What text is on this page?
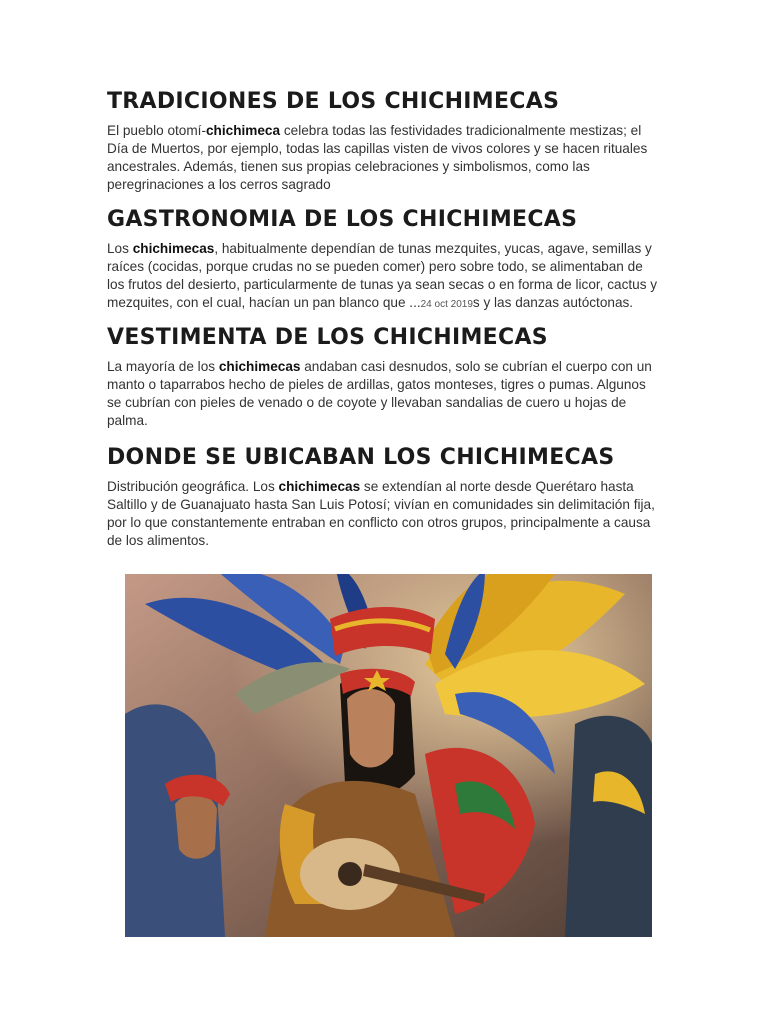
TRADICIONES DE LOS CHICHIMECAS

El pueblo otomí-chichimeca celebra todas las festividades tradicionalmente mestizas; el Día de Muertos, por ejemplo, todas las capillas visten de vivos colores y se hacen rituales ancestrales. Además, tienen sus propias celebraciones y simbolismos, como las peregrinaciones a los cerros sagrado

GASTRONOMIA DE LOS CHICHIMECAS

Los chichimecas, habitualmente dependían de tunas mezquites, yucas, agave, semillas y raíces (cocidas, porque crudas no se pueden comer) pero sobre todo, se alimentaban de los frutos del desierto, particularmente de tunas ya sean secas o en forma de licor, cactus y mezquites, con el cual, hacían un pan blanco que ...24 oct 2019s y las danzas autóctonas.

VESTIMENTA DE LOS CHICHIMECAS

La mayoría de los chichimecas andaban casi desnudos, solo se cubrían el cuerpo con un manto o taparrabos hecho de pieles de ardillas, gatos monteses, tigres o pumas. Algunos se cubrían con pieles de venado o de coyote y llevaban sandalias de cuero u hojas de palma.

DONDE SE UBICABAN LOS CHICHIMECAS

Distribución geográfica. Los chichimecas se extendían al norte desde Querétaro hasta Saltillo y de Guanajuato hasta San Luis Potosí; vivían en comunidades sin delimitación fija, por lo que constantemente entraban en conflicto con otros grupos, principalmente a causa de los alimentos.
